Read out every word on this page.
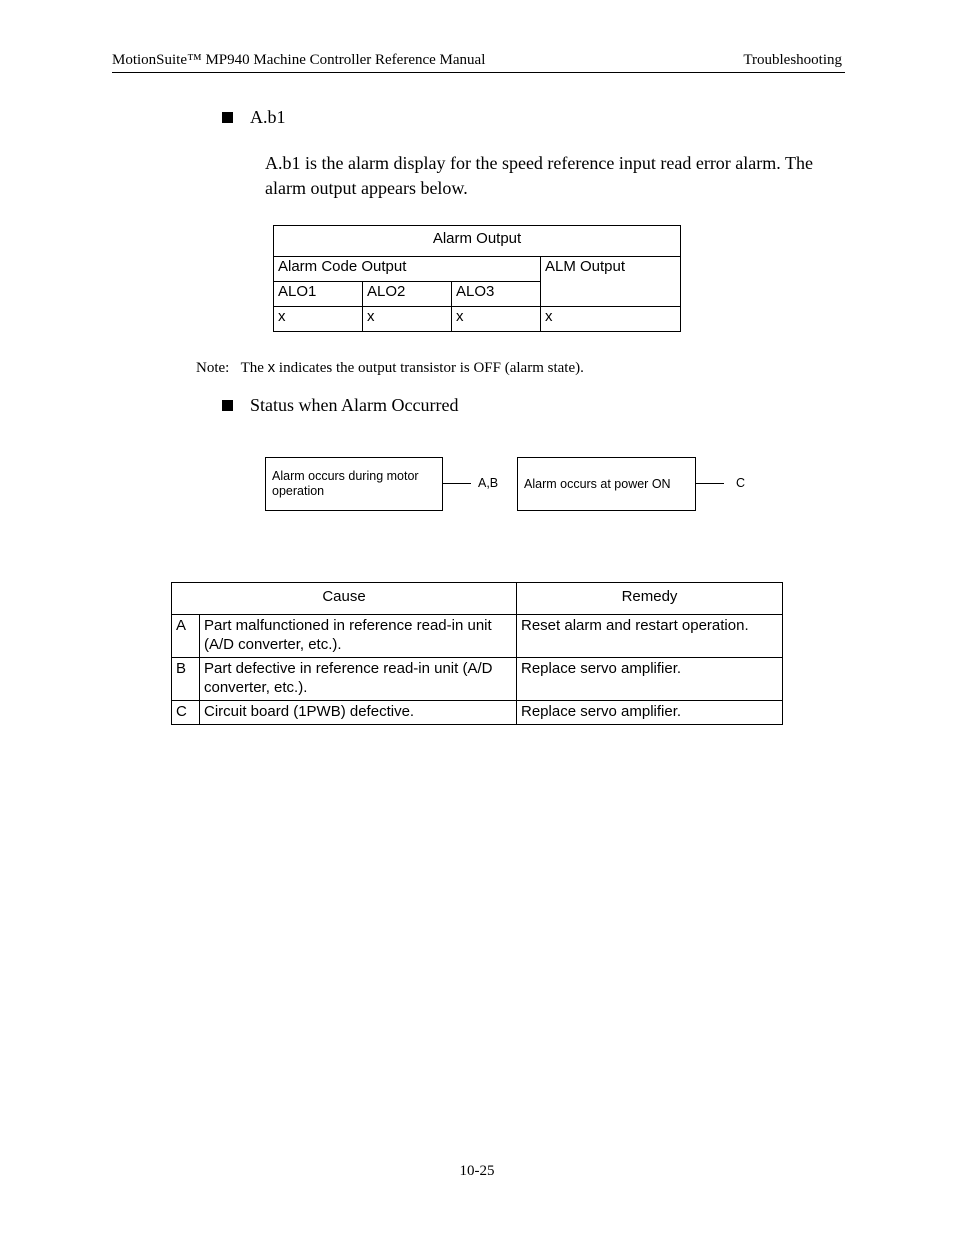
MotionSuite™ MP940 Machine Controller Reference Manual	Troubleshooting
A.b1
A.b1 is the alarm display for the speed reference input read error alarm. The alarm output appears below.
Alarm Output			
Alarm Code Output			ALM Output
ALO1	ALO2	ALO3	
x	x	x	x
Note: The x indicates the output transistor is OFF (alarm state).
Status when Alarm Occurred
Alarm occurs during motor operation
A,B Alarm occurs at power ON	C
Cause		Remedy
A	Part malfunctioned in reference read-in unit (A/D converter, etc.).	Reset alarm and restart operation.
B	Part defective in reference read-in unit (A/D converter, etc.).	Replace servo amplifier.
C	Circuit board (1PWB) defective.	Replace servo amplifier.
10-25
